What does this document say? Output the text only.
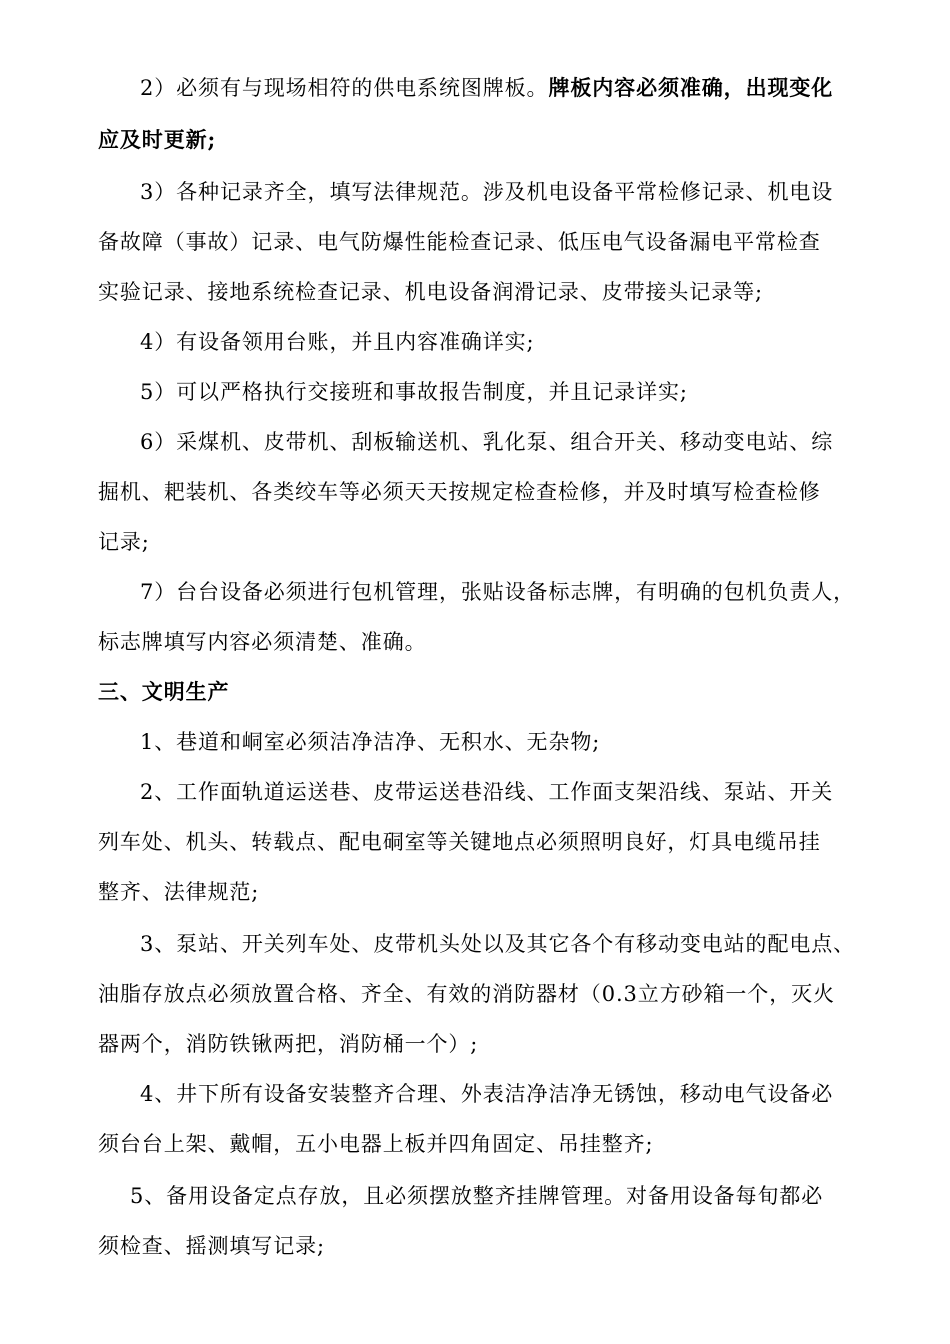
2）必须有与现场相符的供电系统图牌板。牌板内容必须准确，出现变化
应及时更新;
3）各种记录齐全，填写法律规范。涉及机电设备平常检修记录、机电设
备故障（事故）记录、电气防爆性能检查记录、低压电气设备漏电平常检查
实验记录、接地系统检查记录、机电设备润滑记录、皮带接头记录等;
4）有设备领用台账，并且内容准确详实;
5）可以严格执行交接班和事故报告制度，并且记录详实;
6）采煤机、皮带机、刮板输送机、乳化泵、组合开关、移动变电站、综
掘机、耙装机、各类绞车等必须天天按规定检查检修，并及时填写检查检修
记录;
7）台台设备必须进行包机管理，张贴设备标志牌，有明确的包机负责人，
标志牌填写内容必须清楚、准确。
三、文明生产
1、巷道和峒室必须洁净洁净、无积水、无杂物;
2、工作面轨道运送巷、皮带运送巷沿线、工作面支架沿线、泵站、开关
列车处、机头、转载点、配电硐室等关键地点必须照明良好，灯具电缆吊挂
整齐、法律规范;
3、泵站、开关列车处、皮带机头处以及其它各个有移动变电站的配电点、
油脂存放点必须放置合格、齐全、有效的消防器材（0.3立方砂箱一个，灭火
器两个，消防铁锹两把，消防桶一个）;
4、井下所有设备安装整齐合理、外表洁净洁净无锈蚀，移动电气设备必
须台台上架、戴帽，五小电器上板并四角固定、吊挂整齐;
5、备用设备定点存放，且必须摆放整齐挂牌管理。对备用设备每旬都必
须检查、摇测填写记录;
